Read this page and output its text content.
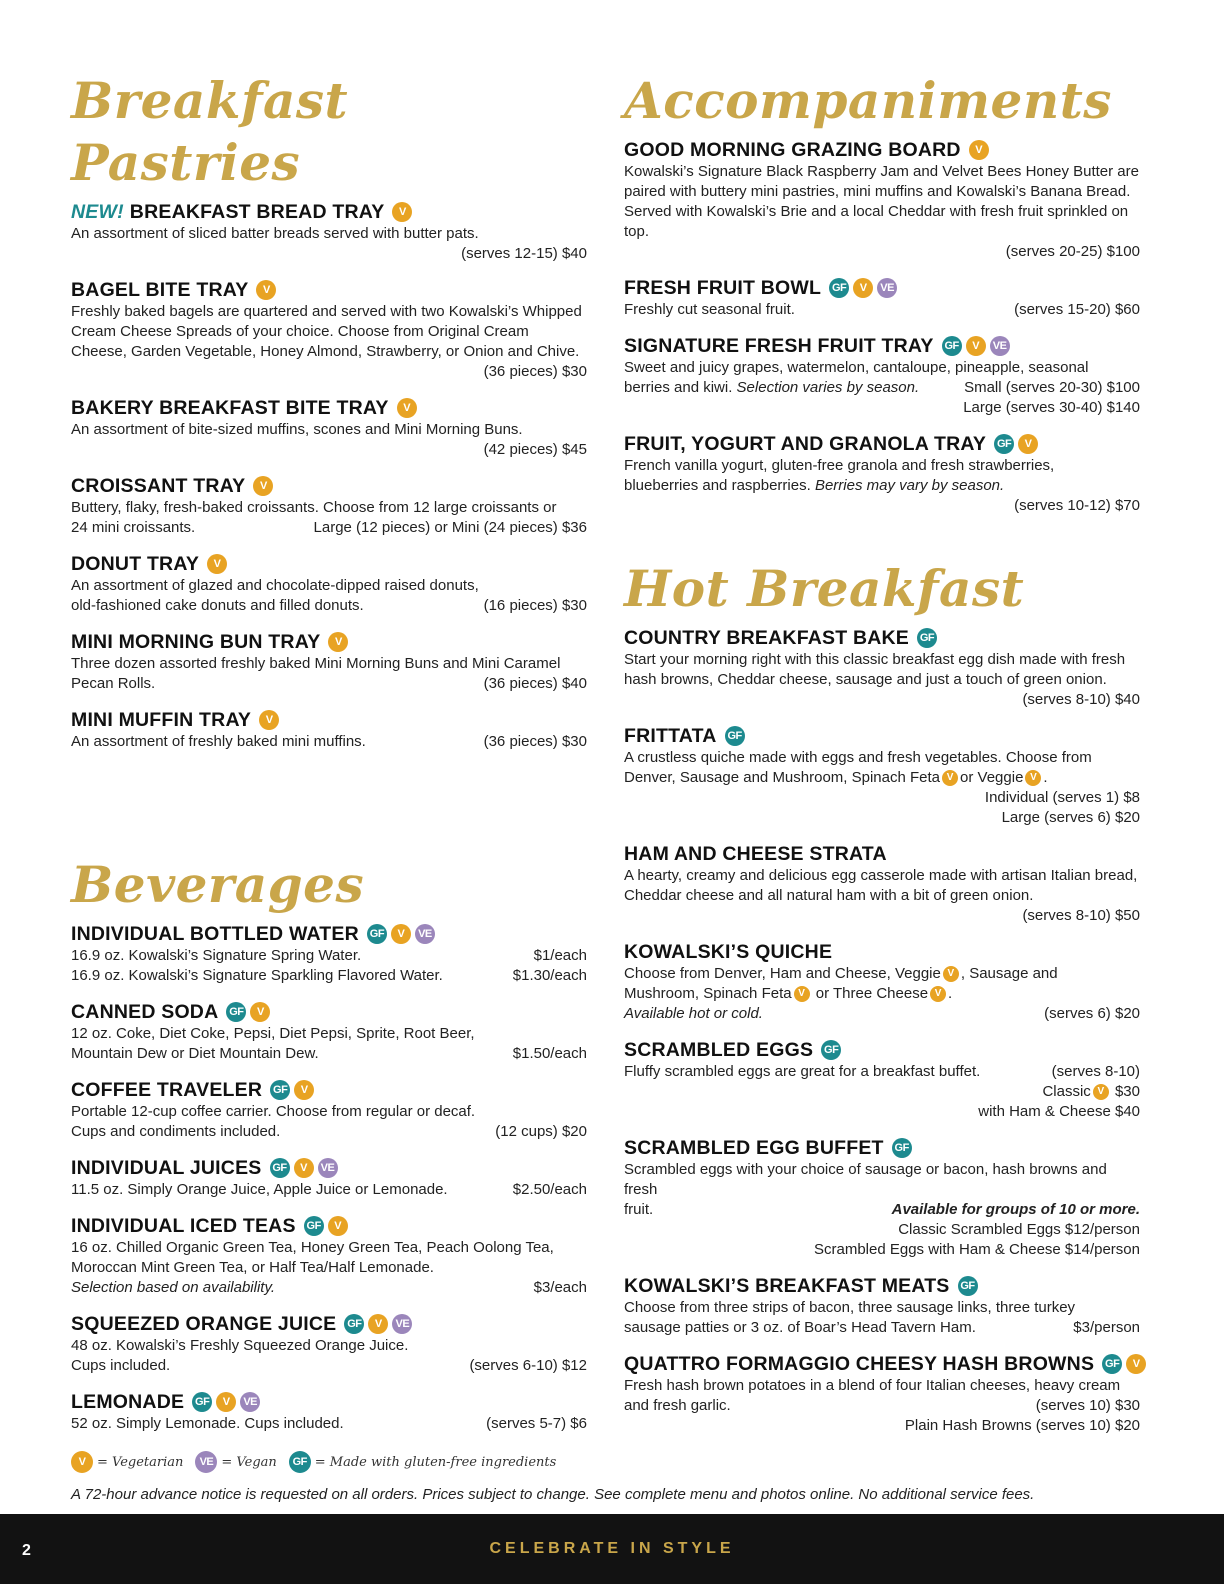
Breakfast Pastries
NEW! BREAKFAST BREAD TRAY	V
An assortment of sliced batter breads served with butter pats.
(serves 12-15) $40
BAGEL BITE TRAY	V
Freshly baked bagels are quartered and served with two Kowalski’s Whipped Cream Cheese Spreads of your choice. Choose from Original Cream Cheese, Garden Vegetable, Honey Almond, Strawberry, or Onion and Chive.
(36 pieces) $30
BAKERY BREAKFAST BITE TRAY	V
An assortment of bite-sized muffins, scones and Mini Morning Buns.
(42 pieces) $45
CROISSANT TRAY	V
Buttery, flaky, fresh-baked croissants. Choose from 12 large croissants or
24 mini croissants.	Large (12 pieces) or Mini (24 pieces) $36
DONUT TRAY	V
An assortment of glazed and chocolate-dipped raised donuts,
old-fashioned cake donuts and filled donuts.	(16 pieces) $30
MINI MORNING BUN TRAY	V
Three dozen assorted freshly baked Mini Morning Buns and Mini Caramel
Pecan Rolls.	(36 pieces) $40
MINI MUFFIN TRAY	V
An assortment of freshly baked mini muffins.	(36 pieces) $30
Beverages
INDIVIDUAL BOTTLED WATER GF	V	VE
16.9 oz. Kowalski’s Signature Spring Water.	$1/each
16.9 oz. Kowalski’s Signature Sparkling Flavored Water.	$1.30/each
CANNED SODA GF	V
12 oz. Coke, Diet Coke, Pepsi, Diet Pepsi, Sprite, Root Beer,
Mountain Dew or Diet Mountain Dew.	$1.50/each
COFFEE TRAVELER GF	V
Portable 12-cup coffee carrier. Choose from regular or decaf.
Cups and condiments included.	(12 cups) $20
INDIVIDUAL JUICES GF	V	VE
11.5 oz. Simply Orange Juice, Apple Juice or Lemonade.	$2.50/each
INDIVIDUAL ICED TEAS GF	V
16 oz. Chilled Organic Green Tea, Honey Green Tea, Peach Oolong Tea, Moroccan Mint Green Tea, or Half Tea/Half Lemonade.
Selection based on availability.	$3/each
SQUEEZED ORANGE JUICE GF	V	VE
48 oz. Kowalski’s Freshly Squeezed Orange Juice.
Cups included.	(serves 6-10) $12
LEMONADE GF	V	VE
52 oz. Simply Lemonade. Cups included.	(serves 5-7) $6
Accompaniments
GOOD MORNING GRAZING BOARD	V
Kowalski’s Signature Black Raspberry Jam and Velvet Bees Honey Butter are paired with buttery mini pastries, mini muffins and Kowalski’s Banana Bread. Served with Kowalski’s Brie and a local Cheddar with fresh fruit sprinkled on top.
(serves 20-25) $100
FRESH FRUIT BOWL GF	V	VE
Freshly cut seasonal fruit.	(serves 15-20) $60
SIGNATURE FRESH FRUIT TRAY GF	V	VE
Sweet and juicy grapes, watermelon, cantaloupe, pineapple, seasonal
berries and kiwi. Selection varies by season.	Small (serves 20-30) $100
Large (serves 30-40) $140
FRUIT, YOGURT AND GRANOLA TRAY GF	V
French vanilla yogurt, gluten-free granola and fresh strawberries,
blueberries and raspberries. Berries may vary by season.
(serves 10-12) $70
Hot Breakfast
COUNTRY BREAKFAST BAKE GF
Start your morning right with this classic breakfast egg dish made with fresh hash browns, Cheddar cheese, sausage and just a touch of green onion.
(serves 8-10) $40
FRITTATA GF
A crustless quiche made with eggs and fresh vegetables. Choose from
Denver, Sausage and Mushroom, Spinach Feta V or Veggie V .
Individual (serves 1) $8
Large (serves 6) $20
HAM AND CHEESE STRATA
A hearty, creamy and delicious egg casserole made with artisan Italian bread, Cheddar cheese and all natural ham with a bit of green onion.
(serves 8-10) $50
KOWALSKI’S QUICHE
Choose from Denver, Ham and Cheese, Veggie V , Sausage and
Mushroom, Spinach Feta V or Three Cheese V .
Available hot or cold.	(serves 6) $20
SCRAMBLED EGGS GF
Fluffy scrambled eggs are great for a breakfast buffet.	(serves 8-10)
Classic V $30
with Ham & Cheese $40
SCRAMBLED EGG BUFFET GF
Scrambled eggs with your choice of sausage or bacon, hash browns and fresh
fruit.	Available for groups of 10 or more.
Classic Scrambled Eggs $12/person
Scrambled Eggs with Ham & Cheese $14/person
KOWALSKI’S BREAKFAST MEATS GF
Choose from three strips of bacon, three sausage links, three turkey
sausage patties or 3 oz. of Boar’s Head Tavern Ham.	$3/person
QUATTRO FORMAGGIO CHEESY HASH BROWNS GF	V
Fresh hash brown potatoes in a blend of four Italian cheeses, heavy cream
and fresh garlic.	(serves 10) $30
Plain Hash Browns (serves 10) $20
V = Vegetarian	VE = Vegan	GF = Made with gluten-free ingredients
A 72-hour advance notice is requested on all orders. Prices subject to change. See complete menu and photos online. No additional service fees.
2	CELEBRATE IN STYLE
